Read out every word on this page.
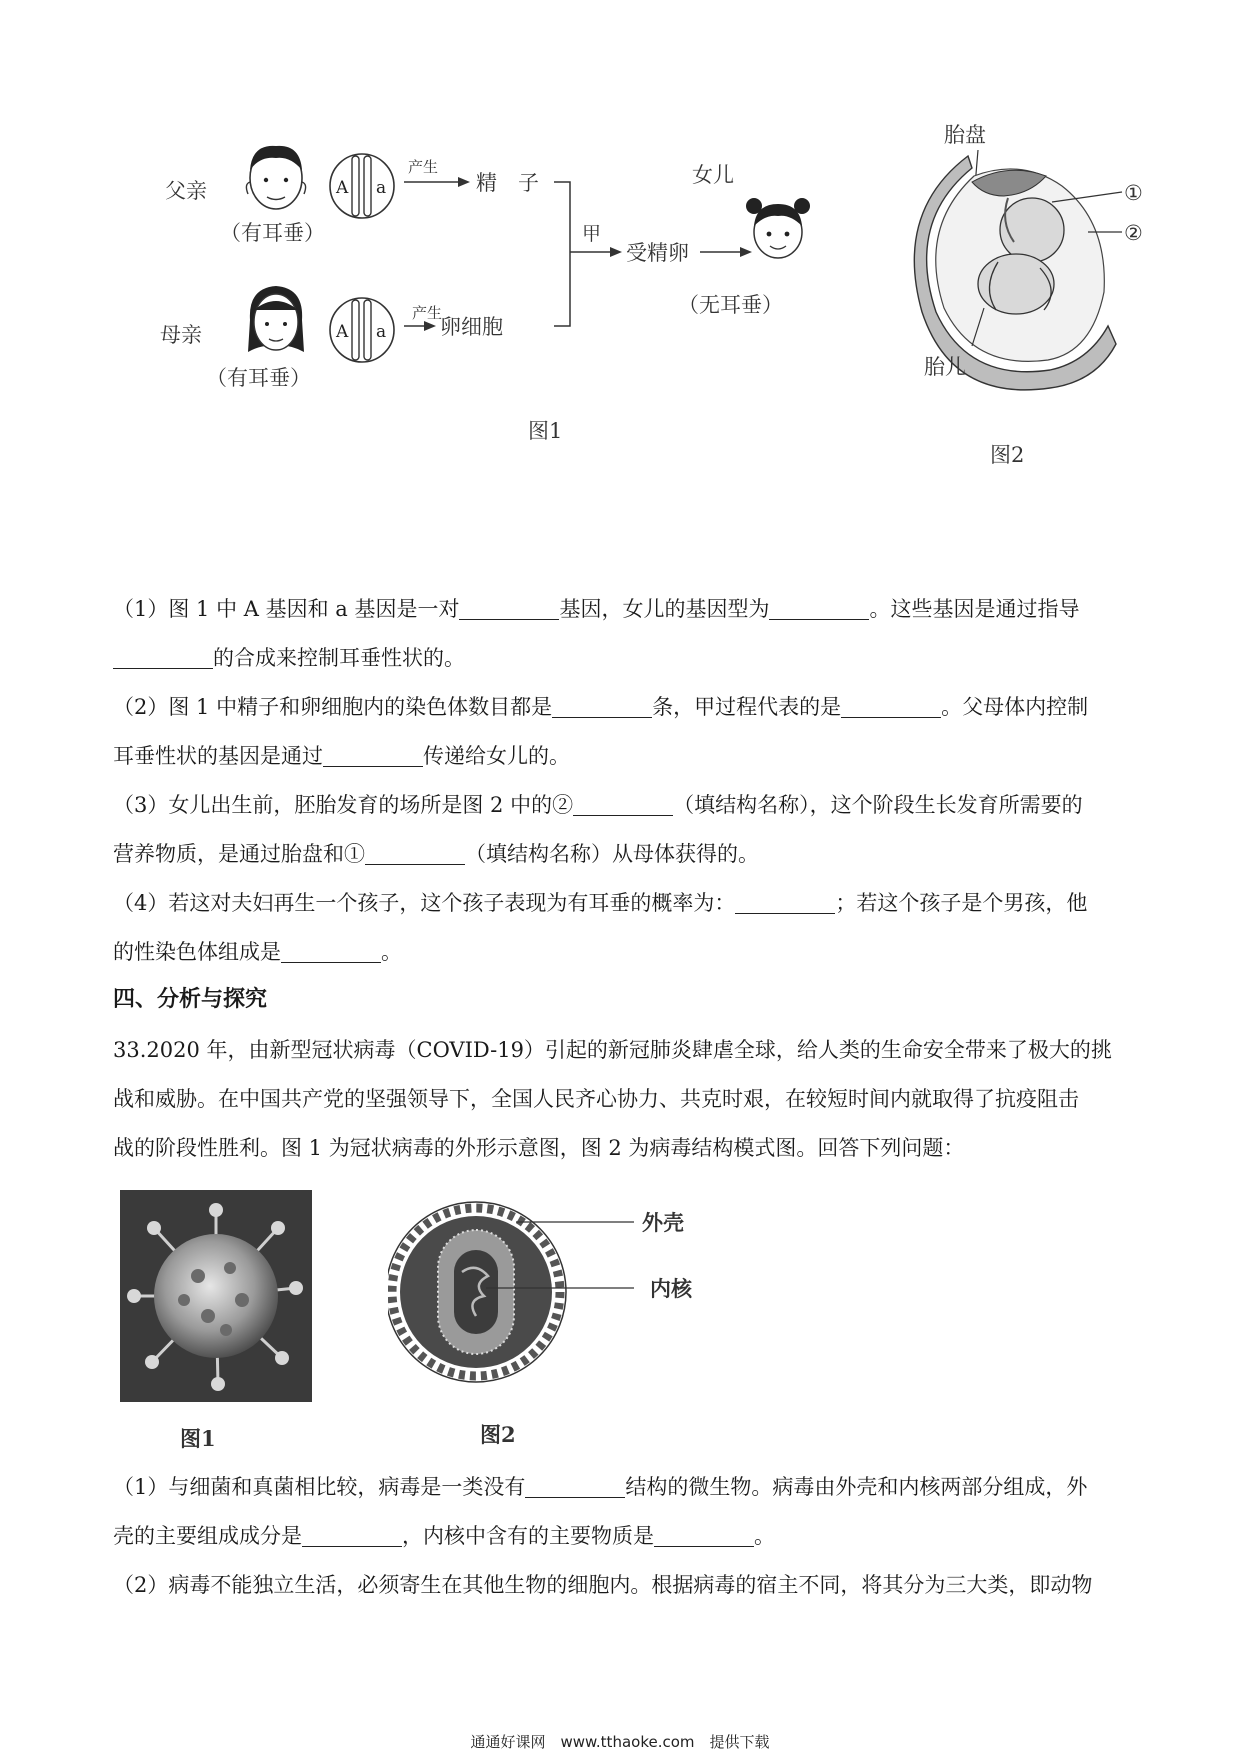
父亲
（有耳垂）
A a
产生
精　子
母亲
（有耳垂）
A a
产生
卵细胞
甲
受精卵
女儿
（无耳垂）
图1
胎盘
①
②
胎儿
图2
（1）图 1 中 A 基因和 a 基因是一对	基因，女儿的基因型为	。这些基因是通过指导
的合成来控制耳垂性状的。
（2）图 1 中精子和卵细胞内的染色体数目都是	条，甲过程代表的是	。父母体内控制
耳垂性状的基因是通过	传递给女儿的。
（3）女儿出生前，胚胎发育的场所是图 2 中的②	（填结构名称），这个阶段生长发育所需要的
营养物质，是通过胎盘和①	（填结构名称）从母体获得的。
（4）若这对夫妇再生一个孩子，这个孩子表现为有耳垂的概率为：	；若这个孩子是个男孩，他
的性染色体组成是	。
四、分析与探究
33.2020 年，由新型冠状病毒（COVID-19）引起的新冠肺炎肆虐全球，给人类的生命安全带来了极大的挑
战和威胁。在中国共产党的坚强领导下，全国人民齐心协力、共克时艰，在较短时间内就取得了抗疫阻击
战的阶段性胜利。图 1 为冠状病毒的外形示意图，图 2 为病毒结构模式图。回答下列问题：
图1
外壳
内核
图2
（1）与细菌和真菌相比较，病毒是一类没有	结构的微生物。病毒由外壳和内核两部分组成，外
壳的主要组成成分是	，内核中含有的主要物质是	。
（2）病毒不能独立生活，必须寄生在其他生物的细胞内。根据病毒的宿主不同，将其分为三大类，即动物
通通好课网　www.tthaoke.com　提供下载
